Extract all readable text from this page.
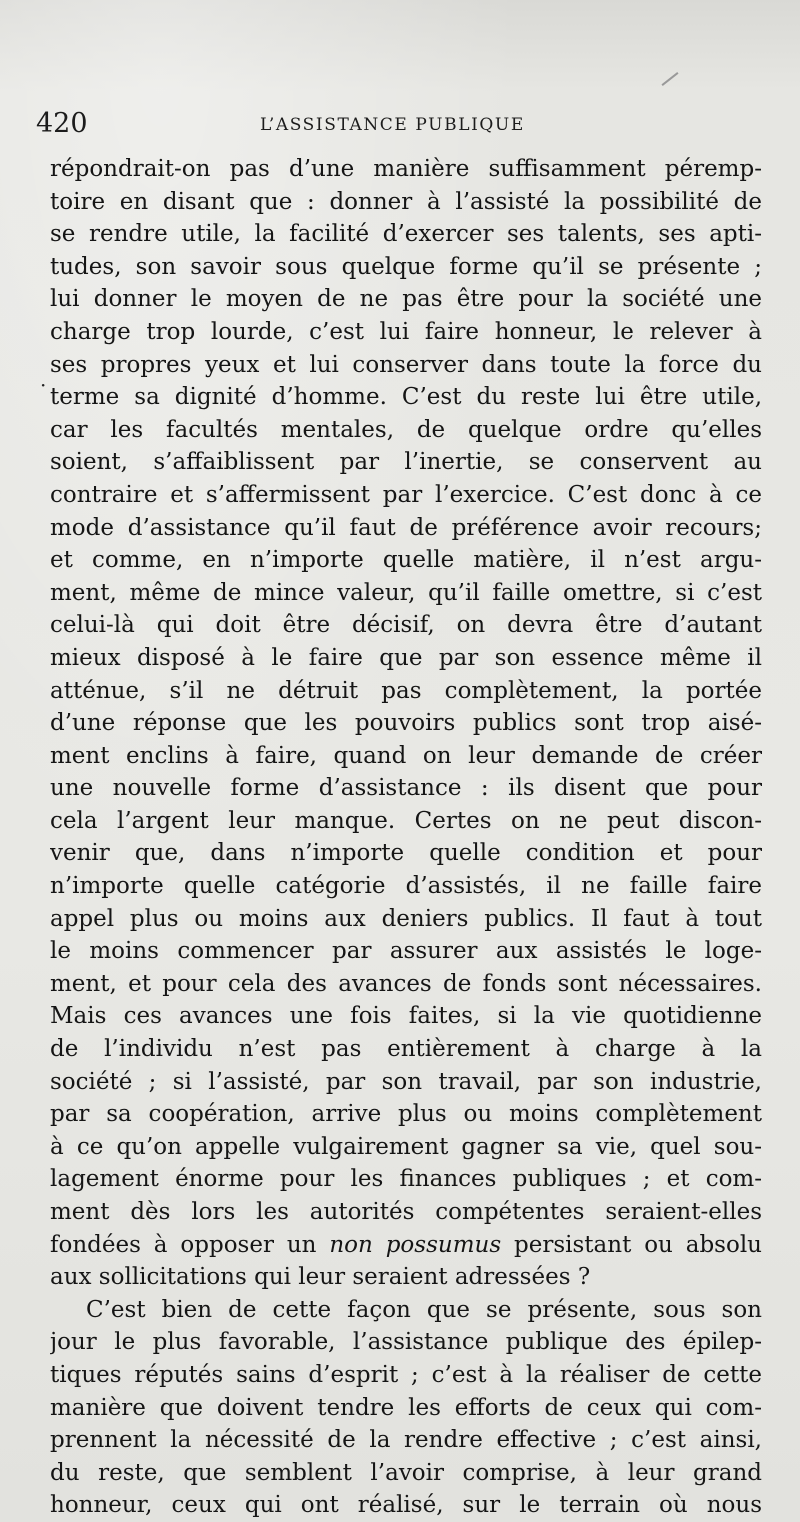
420	L’ASSISTANCE PUBLIQUE
·
répondrait-on pas d’une manière suffisamment péremp-
toire en disant que : donner à l’assisté la possibilité de
se rendre utile, la facilité d’exercer ses talents, ses apti-
tudes, son savoir sous quelque forme qu’il se présente ;
lui donner le moyen de ne pas être pour la société une
charge trop lourde, c’est lui faire honneur, le relever à
ses propres yeux et lui conserver dans toute la force du
terme sa dignité d’homme. C’est du reste lui être utile,
car les facultés mentales, de quelque ordre qu’elles
soient, s’affaiblissent par l’inertie, se conservent au
contraire et s’affermissent par l’exercice. C’est donc à ce
mode d’assistance qu’il faut de préférence avoir recours;
et comme, en n’importe quelle matière, il n’est argu-
ment, même de mince valeur, qu’il faille omettre, si c’est
celui-là qui doit être décisif, on devra être d’autant
mieux disposé à le faire que par son essence même il
atténue, s’il ne détruit pas complètement, la portée
d’une réponse que les pouvoirs publics sont trop aisé-
ment enclins à faire, quand on leur demande de créer
une nouvelle forme d’assistance : ils disent que pour
cela l’argent leur manque. Certes on ne peut discon-
venir que, dans n’importe quelle condition et pour
n’importe quelle catégorie d’assistés, il ne faille faire
appel plus ou moins aux deniers publics. Il faut à tout
le moins commencer par assurer aux assistés le loge-
ment, et pour cela des avances de fonds sont nécessaires.
Mais ces avances une fois faites, si la vie quotidienne
de l’individu n’est pas entièrement à charge à la
société ; si l’assisté, par son travail, par son industrie,
par sa coopération, arrive plus ou moins complètement
à ce qu’on appelle vulgairement gagner sa vie, quel sou-
lagement énorme pour les finances publiques ; et com-
ment dès lors les autorités compétentes seraient-elles
fondées à opposer un non possumus persistant ou absolu
aux sollicitations qui leur seraient adressées ?
C’est bien de cette façon que se présente, sous son
jour le plus favorable, l’assistance publique des épilep-
tiques réputés sains d’esprit ; c’est à la réaliser de cette
manière que doivent tendre les efforts de ceux qui com-
prennent la nécessité de la rendre effective ; c’est ainsi,
du reste, que semblent l’avoir comprise, à leur grand
honneur, ceux qui ont réalisé, sur le terrain où nous
